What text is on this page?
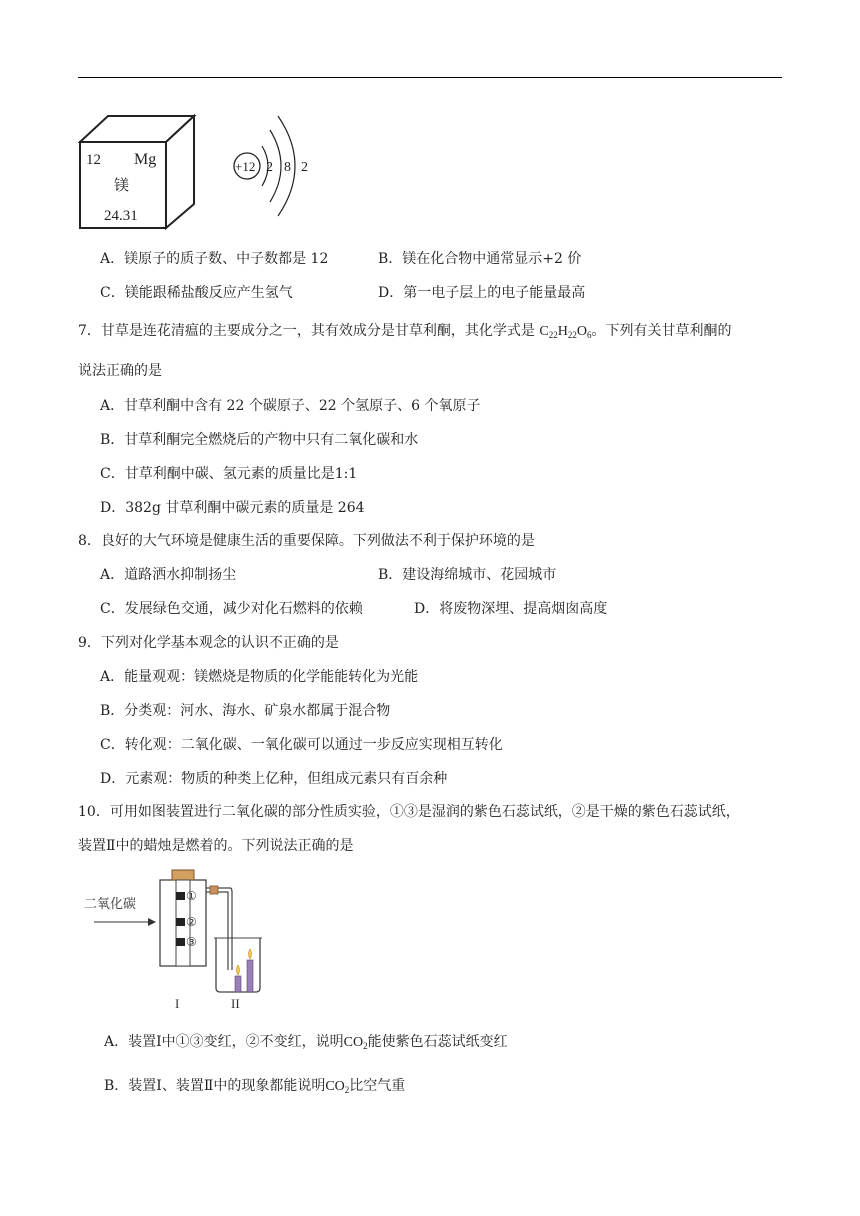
12 Mg
镁
24.31
+12 2 8 2
A．镁原子的质子数、中子数都是 12	B．镁在化合物中通常显示+2 价
C．镁能跟稀盐酸反应产生氢气	D．第一电子层上的电子能量最高
7．甘草是连花清瘟的主要成分之一，其有效成分是甘草利酮，其化学式是 $C_{22}H_{22}O_6$。下列有关甘草利酮的
说法正确的是
A．甘草利酮中含有 22 个碳原子、22 个氢原子、6 个氧原子
B．甘草利酮完全燃烧后的产物中只有二氧化碳和水
C．甘草利酮中碳、氢元素的质量比是1:1
D．382g 甘草利酮中碳元素的质量是 264
8．良好的大气环境是健康生活的重要保障。下列做法不利于保护环境的是
A．道路洒水抑制扬尘	B．建设海绵城市、花园城市
C．发展绿色交通，减少对化石燃料的依赖	D．将废物深埋、提高烟囱高度
9．下列对化学基本观念的认识不正确的是
A．能量观观：镁燃烧是物质的化学能能转化为光能
B．分类观：河水、海水、矿泉水都属于混合物
C．转化观：二氧化碳、一氧化碳可以通过一步反应实现相互转化
D．元素观：物质的种类上亿种，但组成元素只有百余种
10．可用如图装置进行二氧化碳的部分性质实验，①③是湿润的紫色石蕊试纸，②是干燥的紫色石蕊试纸，
装置Ⅱ中的蜡烛是燃着的。下列说法正确的是
二氧化碳
①
②
③
I	II
A．装置Ⅰ中①③变红，②不变红，说明$CO_2$能使紫色石蕊试纸变红
B．装置Ⅰ、装置Ⅱ中的现象都能说明$CO_2$比空气重
